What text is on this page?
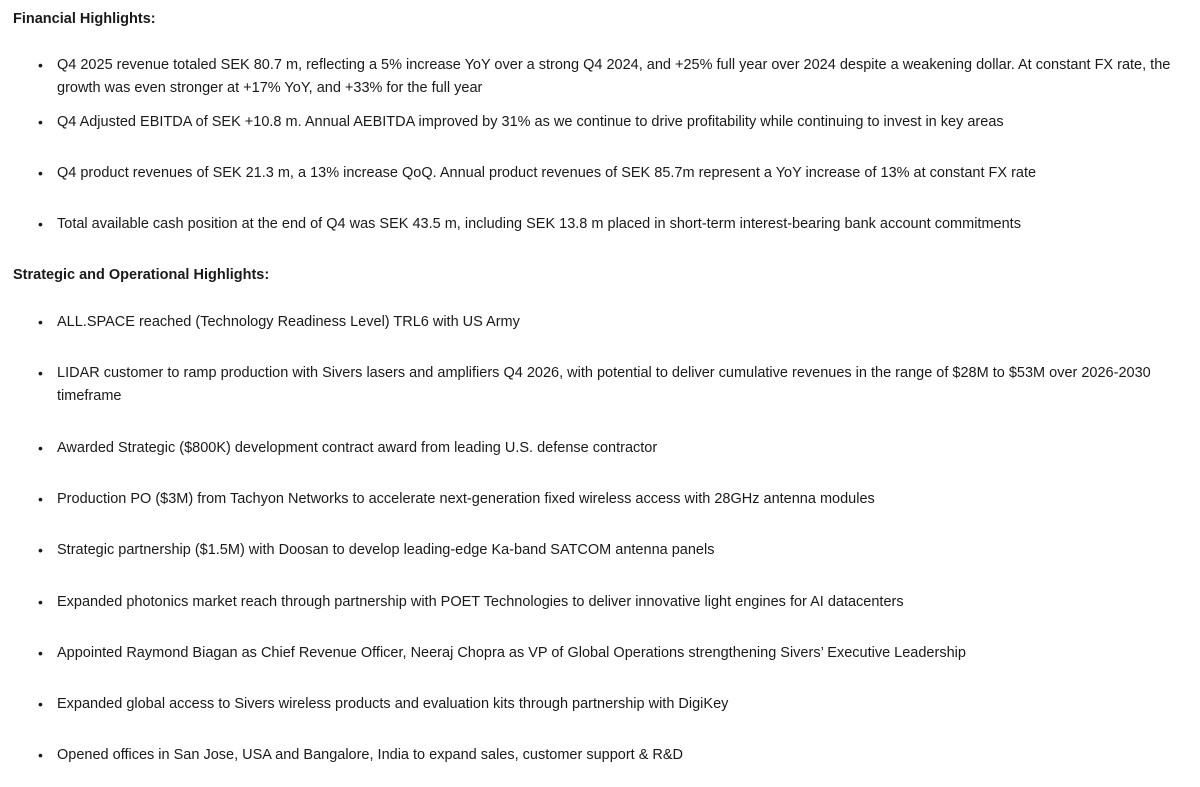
Financial Highlights:
• Q4 2025 revenue totaled SEK 80.7 m, reflecting a 5% increase YoY over a strong Q4 2024, and +25% full year over 2024 despite a weakening dollar. At constant FX rate, the growth was even stronger at +17% YoY, and +33% for the full year
• Q4 Adjusted EBITDA of SEK +10.8 m. Annual AEBITDA improved by 31% as we continue to drive profitability while continuing to invest in key areas
• Q4 product revenues of SEK 21.3 m, a 13% increase QoQ. Annual product revenues of SEK 85.7m represent a YoY increase of 13% at constant FX rate
• Total available cash position at the end of Q4 was SEK 43.5 m, including SEK 13.8 m placed in short-term interest-bearing bank account commitments
Strategic and Operational Highlights:
• ALL.SPACE reached (Technology Readiness Level) TRL6 with US Army
• LIDAR customer to ramp production with Sivers lasers and amplifiers Q4 2026, with potential to deliver cumulative revenues in the range of $28M to $53M over 2026-2030 timeframe
• Awarded Strategic ($800K) development contract award from leading U.S. defense contractor
• Production PO ($3M) from Tachyon Networks to accelerate next-generation fixed wireless access with 28GHz antenna modules
• Strategic partnership ($1.5M) with Doosan to develop leading-edge Ka-band SATCOM antenna panels
• Expanded photonics market reach through partnership with POET Technologies to deliver innovative light engines for AI datacenters
• Appointed Raymond Biagan as Chief Revenue Officer, Neeraj Chopra as VP of Global Operations strengthening Sivers’ Executive Leadership
• Expanded global access to Sivers wireless products and evaluation kits through partnership with DigiKey
• Opened offices in San Jose, USA and Bangalore, India to expand sales, customer support & R&D
